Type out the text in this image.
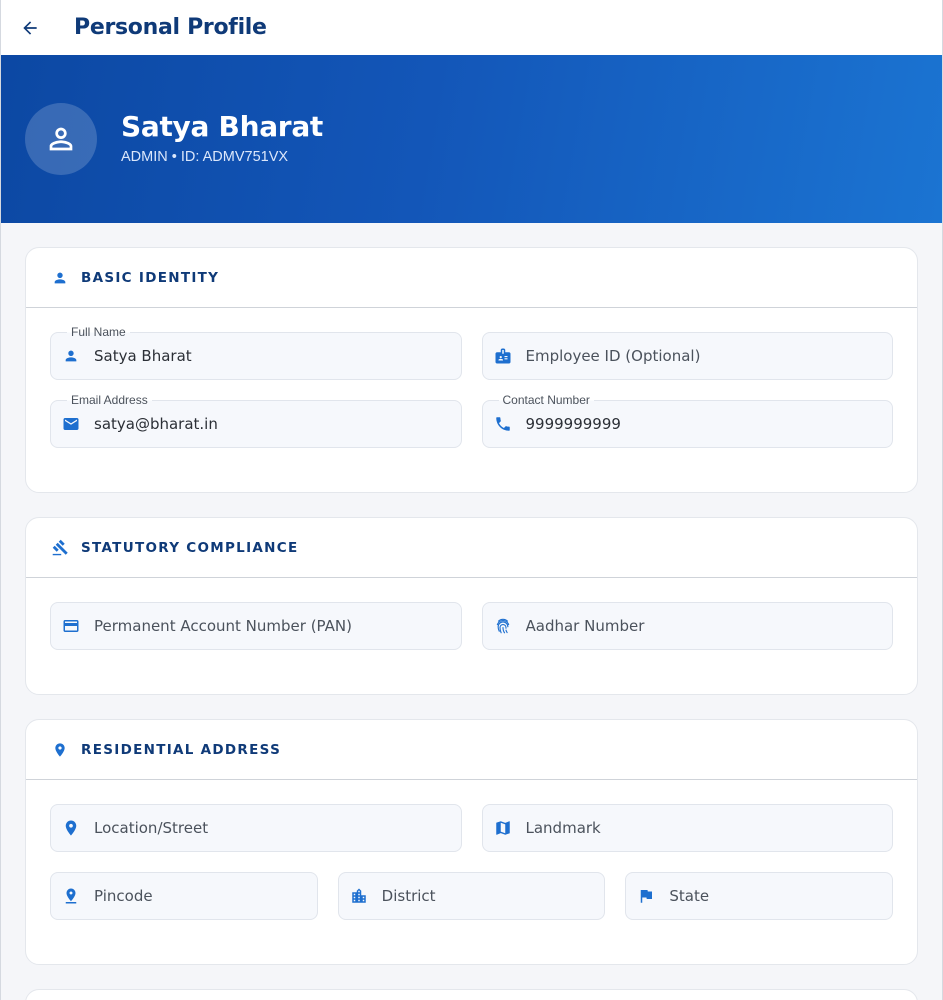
Personal Profile
Satya Bharat
ADMIN • ID: ADMV751VX
BASIC IDENTITY
Full Name
Satya Bharat
Employee ID (Optional)
Email Address
satya@bharat.in	Contact Number
9999999999
STATUTORY COMPLIANCE
Permanent Account Number (PAN)
Aadhar Number
RESIDENTIAL ADDRESS
Location/Street
Landmark
Pincode
District
State
